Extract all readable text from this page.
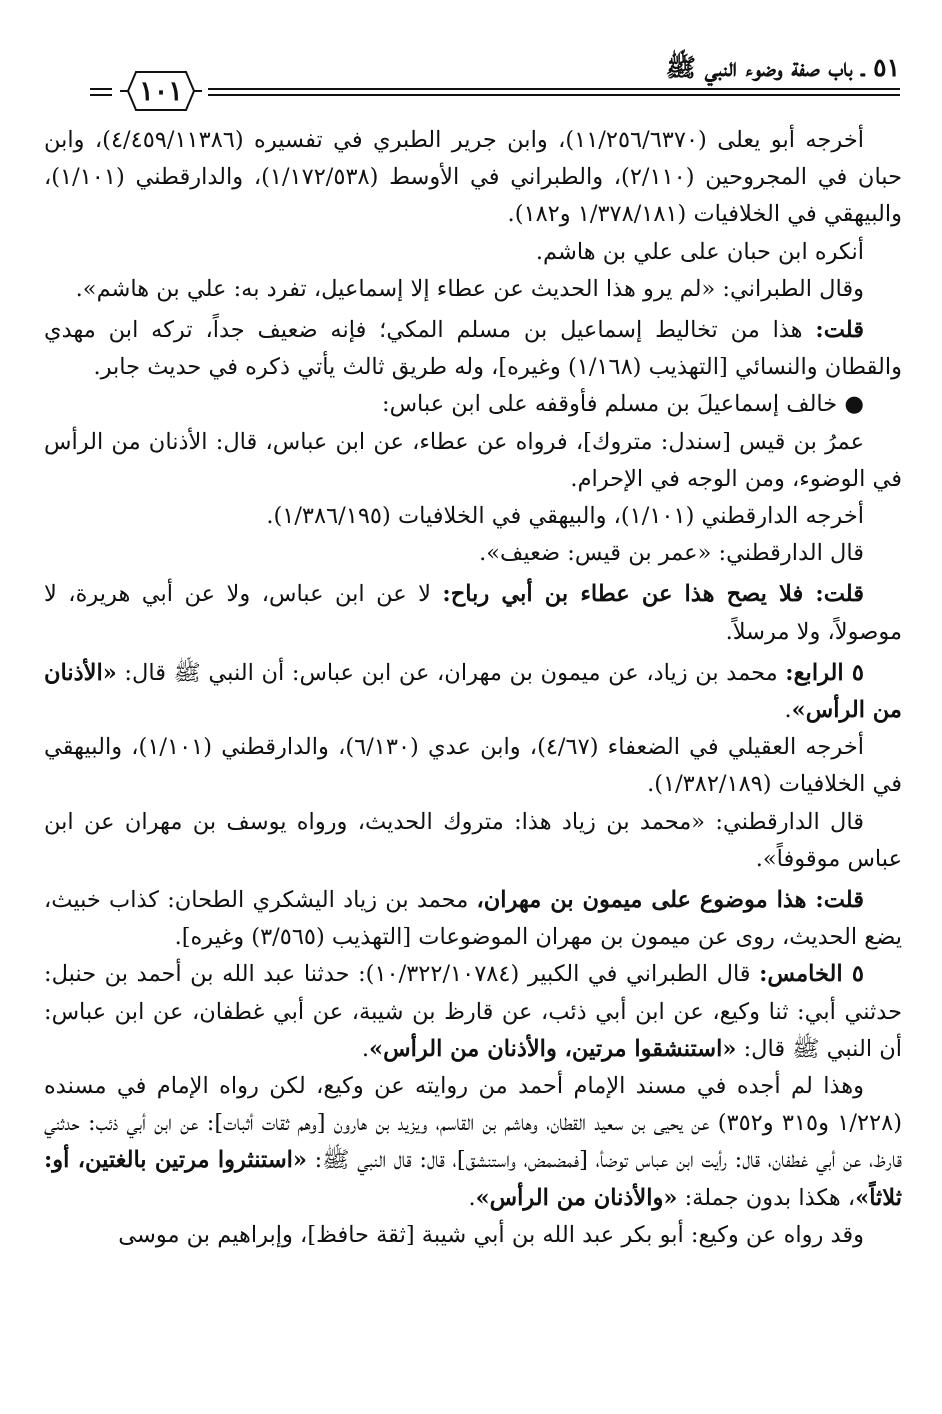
٥١ ـ باب صفة وضوء النبي ﷺ
١٠١

أخرجه أبو يعلى (١١/٢٥٦/٦٣٧٠)، وابن جرير الطبري في تفسيره (٤/٤٥٩/١١٣٨٦)، وابن حبان في المجروحين (٢/١١٠)، والطبراني في الأوسط (١/١٧٢/٥٣٨)، والدارقطني (١/١٠١)، والبيهقي في الخلافيات (١/٣٧٨/١٨١ و١٨٢).

أنكره ابن حبان على علي بن هاشم.

وقال الطبراني: «لم يرو هذا الحديث عن عطاء إلا إسماعيل، تفرد به: علي بن هاشم».

قلت: هذا من تخاليط إسماعيل بن مسلم المكي؛ فإنه ضعيف جداً، تركه ابن مهدي والقطان والنسائي [التهذيب (١/١٦٨) وغيره]، وله طريق ثالث يأتي ذكره في حديث جابر.

● خالف إسماعيلَ بن مسلم فأوقفه على ابن عباس:

عمرُ بن قيس [سندل: متروك]، فرواه عن عطاء، عن ابن عباس، قال: الأذنان من الرأس في الوضوء، ومن الوجه في الإحرام.

أخرجه الدارقطني (١/١٠١)، والبيهقي في الخلافيات (١/٣٨٦/١٩٥).

قال الدارقطني: «عمر بن قيس: ضعيف».

قلت: فلا يصح هذا عن عطاء بن أبي رباح: لا عن ابن عباس، ولا عن أبي هريرة، لا موصولاً، ولا مرسلاً.

٥ الرابع: محمد بن زياد، عن ميمون بن مهران، عن ابن عباس: أن النبي ﷺ قال: «الأذنان من الرأس».

أخرجه العقيلي في الضعفاء (٤/٦٧)، وابن عدي (٦/١٣٠)، والدارقطني (١/١٠١)، والبيهقي في الخلافيات (١/٣٨٢/١٨٩).

قال الدارقطني: «محمد بن زياد هذا: متروك الحديث، ورواه يوسف بن مهران عن ابن عباس موقوفاً».

قلت: هذا موضوع على ميمون بن مهران، محمد بن زياد اليشكري الطحان: كذاب خبيث، يضع الحديث، روى عن ميمون بن مهران الموضوعات [التهذيب (٣/٥٦٥) وغيره].

٥ الخامس: قال الطبراني في الكبير (١٠/٣٢٢/١٠٧٨٤): حدثنا عبد الله بن أحمد بن حنبل: حدثني أبي: ثنا وكيع، عن ابن أبي ذئب، عن قارظ بن شيبة، عن أبي غطفان، عن ابن عباس: أن النبي ﷺ قال: «استنشقوا مرتين، والأذنان من الرأس».

وهذا لم أجده في مسند الإمام أحمد من روايته عن وكيع، لكن رواه الإمام في مسنده (١/٢٢٨ و٣١٥ و٣٥٢) عن يحيى بن سعيد القطان، وهاشم بن القاسم، ويزيد بن هارون [وهم ثقات أثبات]: عن ابن أبي ذئب: حدثني قارظ، عن أبي غطفان، قال: رأيت ابن عباس توضأ، [فمضمض، واستنشق]، قال: قال النبي ﷺ: «استنثروا مرتين بالغتين، أو: ثلاثاً»، هكذا بدون جملة: «والأذنان من الرأس».

وقد رواه عن وكيع: أبو بكر عبد الله بن أبي شيبة [ثقة حافظ]، وإبراهيم بن موسى
